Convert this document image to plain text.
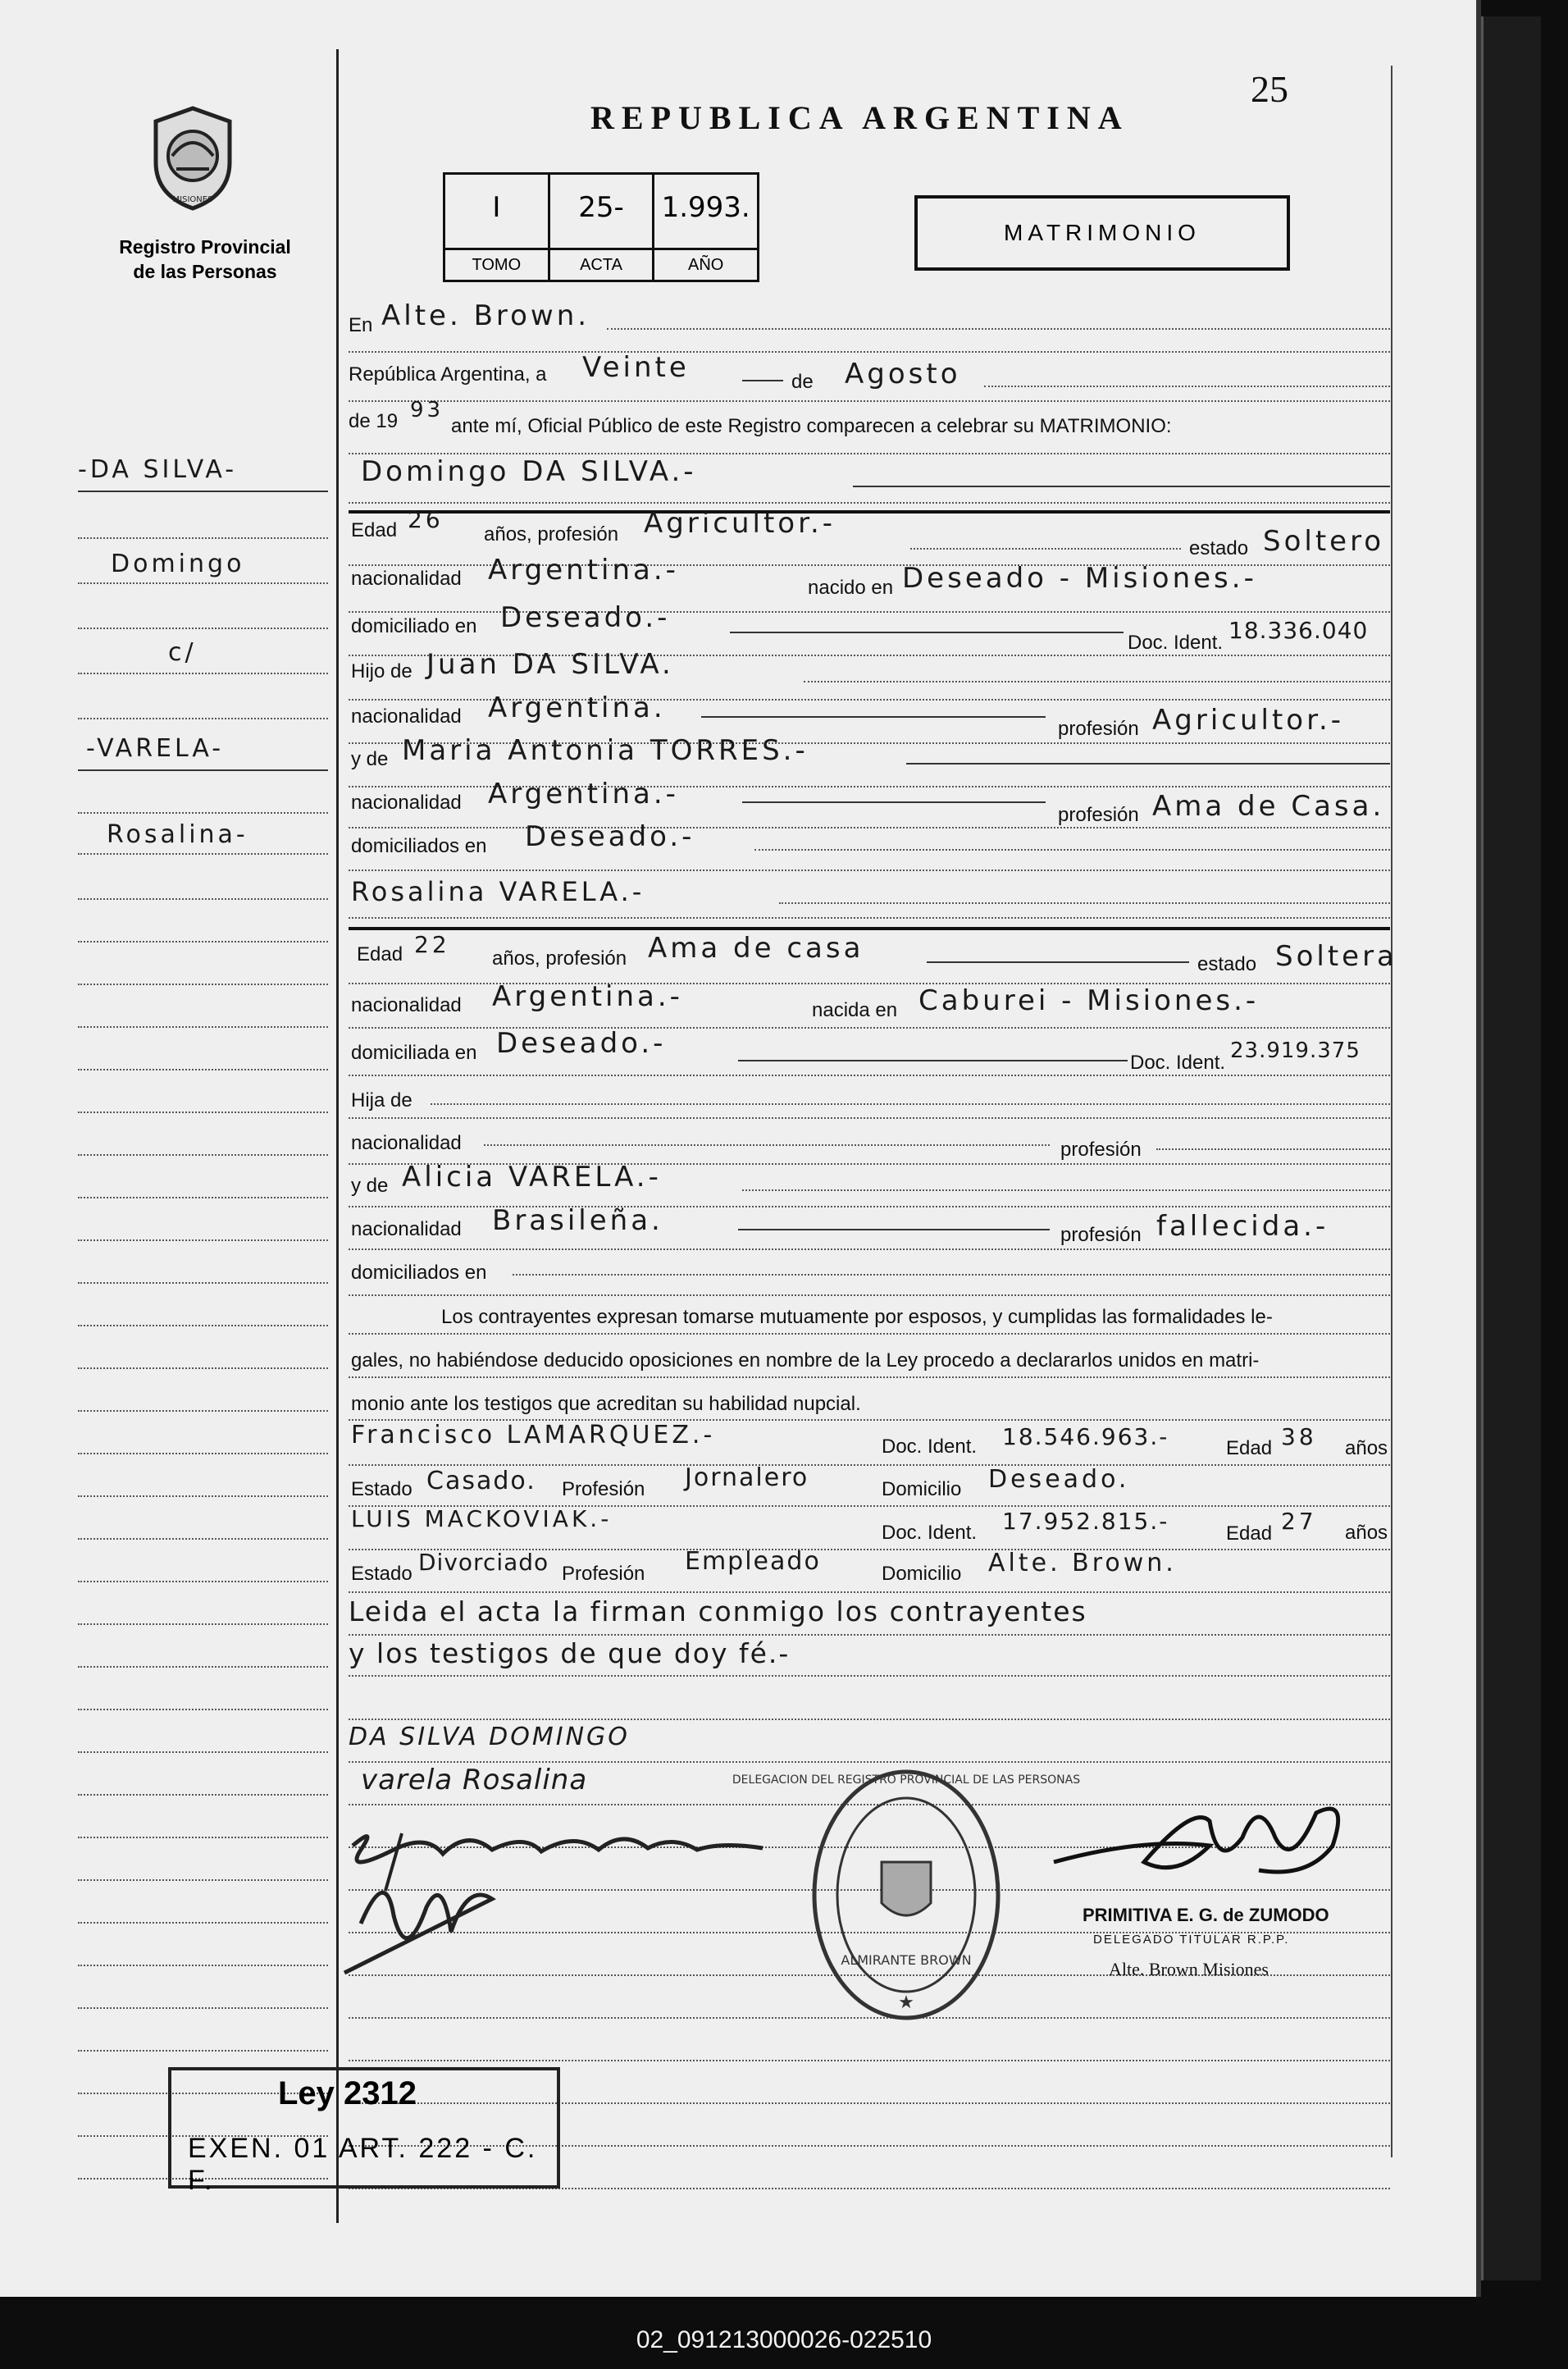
MISIONES
Registro Provincial
de las Personas
REPUBLICA ARGENTINA
25
I
TOMO
25-
ACTA
1.993.
AÑO
MATRIMONIO
-DA SILVA-
Domingo
c/
-VARELA-
Rosalina-
En Alte. Brown.
República Argentina, a Veinte	de Agosto
de 19 93
ante mí, Oficial Público de este Registro comparecen a celebrar su MATRIMONIO:
Domingo DA SILVA.-
Edad 26
años, profesión Agricultor.-
estado Soltero
nacionalidad Argentina.-
nacido en Deseado - Misiones.-
domiciliado en Deseado.-
Doc. Ident. 18.336.040
Hijo de Juan DA SILVA.
nacionalidad Argentina.
profesión Agricultor.-
y de Maria Antonia TORRES.-
nacionalidad Argentina.-
profesión Ama de Casa.
domiciliados en Deseado.-
Rosalina VARELA.-
Edad 22
años, profesión Ama de casa	estado Soltera
nacionalidad Argentina.-	nacida en Caburei - Misiones.-
domiciliada en Deseado.-
Doc. Ident. 23.919.375
Hija de
nacionalidad	profesión
y de Alicia VARELA.-
nacionalidad Brasileña.	profesión fallecida.-
domiciliados en
Los contrayentes expresan tomarse mutuamente por esposos, y cumplidas las formalidades le-
gales, no habiéndose deducido oposiciones en nombre de la Ley procedo a declararlos unidos en matri-
monio ante los testigos que acreditan su habilidad nupcial.
Francisco LAMARQUEZ.-	Doc. Ident. 18.546.963.-	Edad 38 años
Estado Casado. Profesión Jornalero	Domicilio Deseado.
LUIS MACKOVIAK.-
Doc. Ident. 17.952.815.-	Edad 27 años
Estado Divorciado Profesión Empleado	Domicilio Alte. Brown.
Leida el acta la firman conmigo los contrayentes
y los testigos de que doy fé.-
DA SILVA DOMINGO
varela Rosalina	DELEGACION DEL REGISTRO PROVINCIAL DE LAS PERSONAS
ALMIRANTE BROWN
★
PRIMITIVA E. G. de ZUMODO
DELEGADO TITULAR R.P.P.
Alte. Brown Misiones
Ley 2312
EXEN. 01 ART. 222 - C. F.
02_091213000026-022510
